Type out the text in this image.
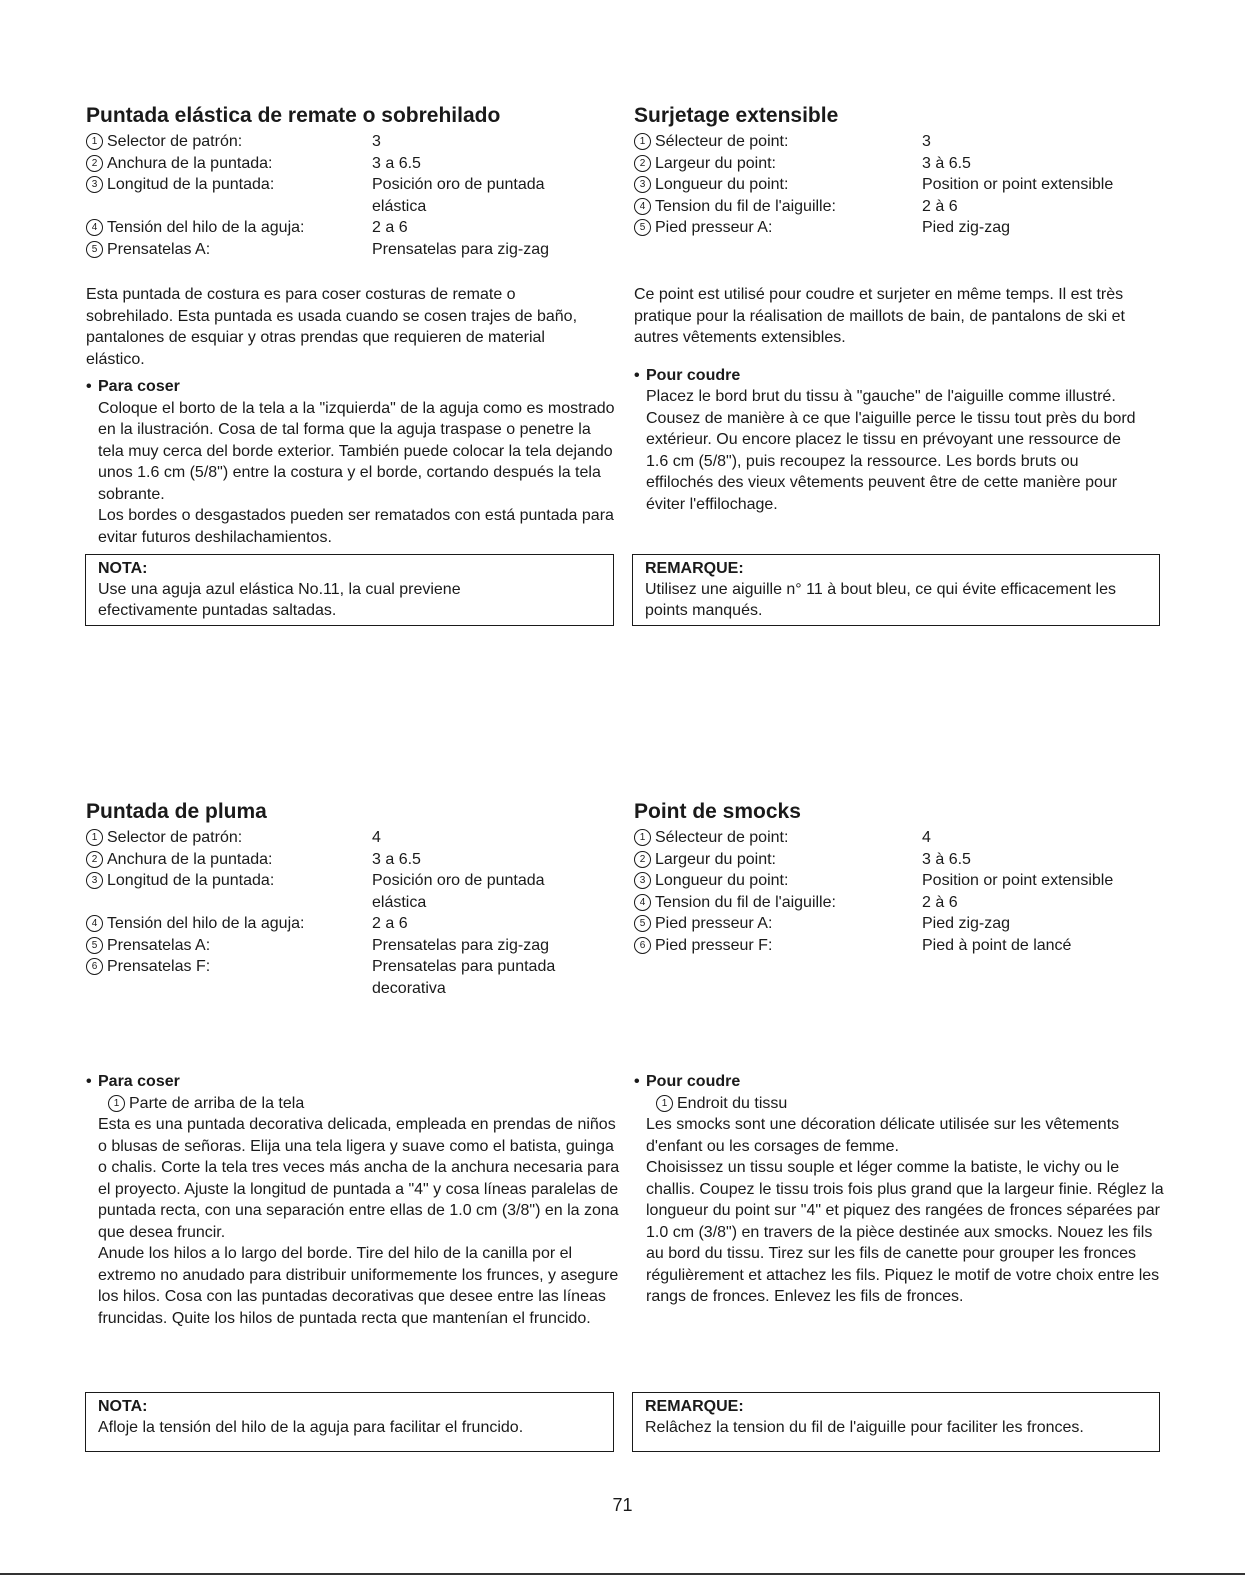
Puntada elástica de remate o sobrehilado
1 Selector de patrón:	3
2 Anchura de la puntada:	3 a 6.5
3 Longitud de la puntada:	Posición oro de puntada
elástica
4 Tensión del hilo de la aguja:	2 a 6
5 Prensatelas A:	Prensatelas para zig-zag

Esta puntada de costura es para coser costuras de remate o sobrehilado. Esta puntada es usada cuando se cosen trajes de baño, pantalones de esquiar y otras prendas que requieren de material elástico.

• Para coser

Coloque el borto de la tela a la "izquierda" de la aguja como es mostrado en la ilustración. Cosa de tal forma que la aguja traspase o penetre la tela muy cerca del borde exterior. También puede colocar la tela dejando unos 1.6 cm (5/8") entre la costura y el borde, cortando después la tela sobrante.

Los bordes o desgastados pueden ser rematados con está puntada para evitar futuros deshilachamientos.

NOTA:
Use una aguja azul elástica No.11, la cual previene efectivamente puntadas saltadas.
Surjetage extensible
1 Sélecteur de point:	3
2 Largeur du point:	3 à 6.5
3 Longueur du point:	Position or point extensible
4 Tension du fil de l'aiguille:	2 à 6
5 Pied presseur A:	Pied zig-zag

Ce point est utilisé pour coudre et surjeter en même temps. Il est très pratique pour la réalisation de maillots de bain, de pantalons de ski et autres vêtements extensibles.

• Pour coudre

Placez le bord brut du tissu à "gauche" de l'aiguille comme illustré. Cousez de manière à ce que l'aiguille perce le tissu tout près du bord extérieur. Ou encore placez le tissu en prévoyant une ressource de 1.6 cm (5/8"), puis recoupez la ressource. Les bords bruts ou effilochés des vieux vêtements peuvent être de cette manière pour éviter l'effilochage.

REMARQUE:
Utilisez une aiguille n° 11 à bout bleu, ce qui évite efficacement les points manqués.
Puntada de pluma
1 Selector de patrón:	4
2 Anchura de la puntada:	3 a 6.5
3 Longitud de la puntada:	Posición oro de puntada
elástica
4 Tensión del hilo de la aguja:	2 a 6
5 Prensatelas A:	Prensatelas para zig-zag
6 Prensatelas F:	Prensatelas para puntada
decorativa

• Para coser

1 Parte de arriba de la tela

Esta es una puntada decorativa delicada, empleada en prendas de niños o blusas de señoras. Elija una tela ligera y suave como el batista, guinga o chalis. Corte la tela tres veces más ancha de la anchura necesaria para el proyecto. Ajuste la longitud de puntada a "4" y cosa líneas paralelas de puntada recta, con una separación entre ellas de 1.0 cm (3/8") en la zona que desea fruncir.

Anude los hilos a lo largo del borde. Tire del hilo de la canilla por el extremo no anudado para distribuir uniformemente los frunces, y asegure los hilos. Cosa con las puntadas decorativas que desee entre las líneas fruncidas. Quite los hilos de puntada recta que mantenían el fruncido.

NOTA:
Afloje la tensión del hilo de la aguja para facilitar el fruncido.
Point de smocks
1 Sélecteur de point:	4
2 Largeur du point:	3 à 6.5
3 Longueur du point:	Position or point extensible
4 Tension du fil de l'aiguille:	2 à 6
5 Pied presseur A:	Pied zig-zag
6 Pied presseur F:	Pied à point de lancé

• Pour coudre

1 Endroit du tissu

Les smocks sont une décoration délicate utilisée sur les vêtements d'enfant ou les corsages de femme.

Choisissez un tissu souple et léger comme la batiste, le vichy ou le challis. Coupez le tissu trois fois plus grand que la largeur finie. Réglez la longueur du point sur "4" et piquez des rangées de fronces séparées par 1.0 cm (3/8") en travers de la pièce destinée aux smocks. Nouez les fils au bord du tissu. Tirez sur les fils de canette pour grouper les fronces régulièrement et attachez les fils. Piquez le motif de votre choix entre les rangs de fronces. Enlevez les fils de fronces.

REMARQUE:
Relâchez la tension du fil de l'aiguille pour faciliter les fronces.
71
